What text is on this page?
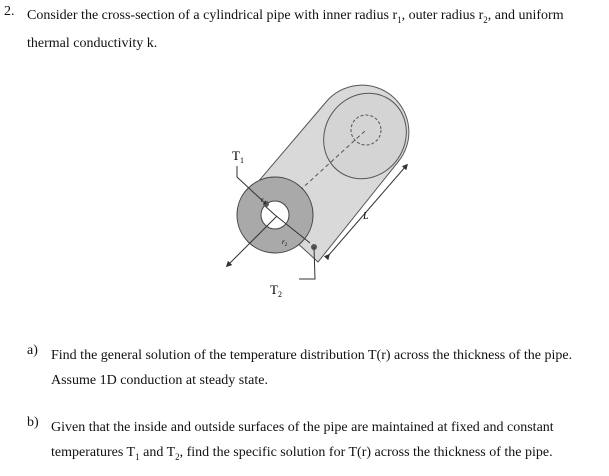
2. Consider the cross-section of a cylindrical pipe with inner radius $r_1$, outer radius $r_2$, and uniform thermal conductivity k.
$T_1$
$T_2$
L
$r_1$
$r_2$
a) Find the general solution of the temperature distribution T(r) across the thickness of the pipe. Assume 1D conduction at steady state.
b) Given that the inside and outside surfaces of the pipe are maintained at fixed and constant temperatures $T_1$ and $T_2$, find the specific solution for T(r) across the thickness of the pipe.
